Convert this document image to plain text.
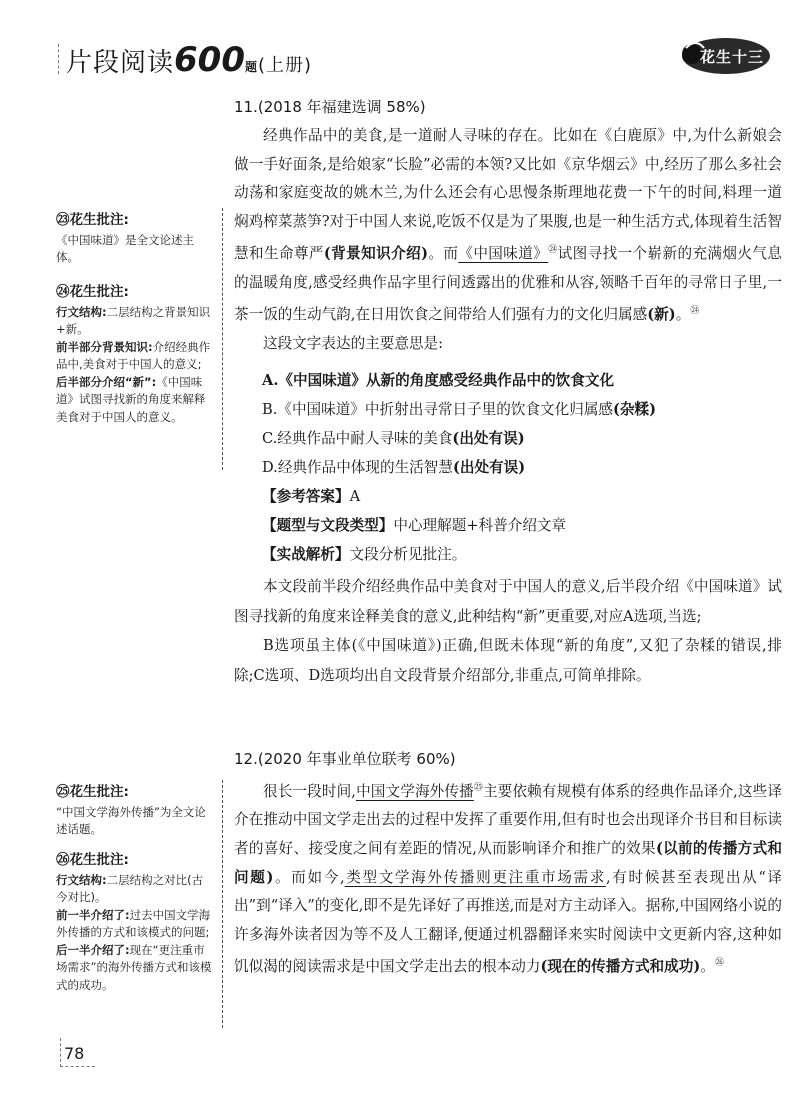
片段阅读600题(上册)	花生十三
㉓花生批注:
《中国味道》是全文论述主体。
㉔花生批注:
行文结构:二层结构之背景知识+新。
前半部分背景知识:介绍经典作品中,美食对于中国人的意义;
后半部分介绍“新”:《中国味道》试图寻找新的角度来解释美食对于中国人的意义。
㉕花生批注:
“中国文学海外传播”为全文论述话题。
㉖花生批注:
行文结构:二层结构之对比(古今对比)。
前一半介绍了:过去中国文学海外传播的方式和该模式的问题;
后一半介绍了:现在“更注重市场需求”的海外传播方式和该模式的成功。
11.(2018 年福建选调 58%)

经典作品中的美食,是一道耐人寻味的存在。比如在《白鹿原》中,为什么新娘会做一手好面条,是给娘家“长脸”必需的本领?又比如《京华烟云》中,经历了那么多社会动荡和家庭变故的姚木兰,为什么还会有心思慢条斯理地花费一下午的时间,料理一道焖鸡榨菜蒸笋?对于中国人来说,吃饭不仅是为了果腹,也是一种生活方式,体现着生活智慧和生命尊严(背景知识介绍)。而《中国味道》$^㉔$试图寻找一个崭新的充满烟火气息的温暖角度,感受经典作品字里行间透露出的优雅和从容,领略千百年的寻常日子里,一茶一饭的生动气韵,在日用饮食之间带给人们强有力的文化归属感(新)。$^㉔$

这段文字表达的主要意思是:

A.《中国味道》从新的角度感受经典作品中的饮食文化
B.《中国味道》中折射出寻常日子里的饮食文化归属感(杂糅)
C.经典作品中耐人寻味的美食(出处有误)
D.经典作品中体现的生活智慧(出处有误)
【参考答案】A
【题型与文段类型】中心理解题+科普介绍文章
【实战解析】文段分析见批注。

本文段前半段介绍经典作品中美食对于中国人的意义,后半段介绍《中国味道》试图寻找新的角度来诠释美食的意义,此种结构“新”更重要,对应A选项,当选;

B选项虽主体(《中国味道》)正确,但既未体现“新的角度”,又犯了杂糅的错误,排除;C选项、D选项均出自文段背景介绍部分,非重点,可简单排除。

12.(2020 年事业单位联考 60%)

很长一段时间,中国文学海外传播$^㉕$主要依赖有规模有体系的经典作品译介,这些译介在推动中国文学走出去的过程中发挥了重要作用,但有时也会出现译介书目和目标读者的喜好、接受度之间有差距的情况,从而影响译介和推广的效果(以前的传播方式和问题)。而如今,类型文学海外传播则更注重市场需求,有时候甚至表现出从“译出”到“译入”的变化,即不是先译好了再推送,而是对方主动译入。据称,中国网络小说的许多海外读者因为等不及人工翻译,便通过机器翻译来实时阅读中文更新内容,这种如饥似渴的阅读需求是中国文学走出去的根本动力(现在的传播方式和成功)。$^㉖$

78
